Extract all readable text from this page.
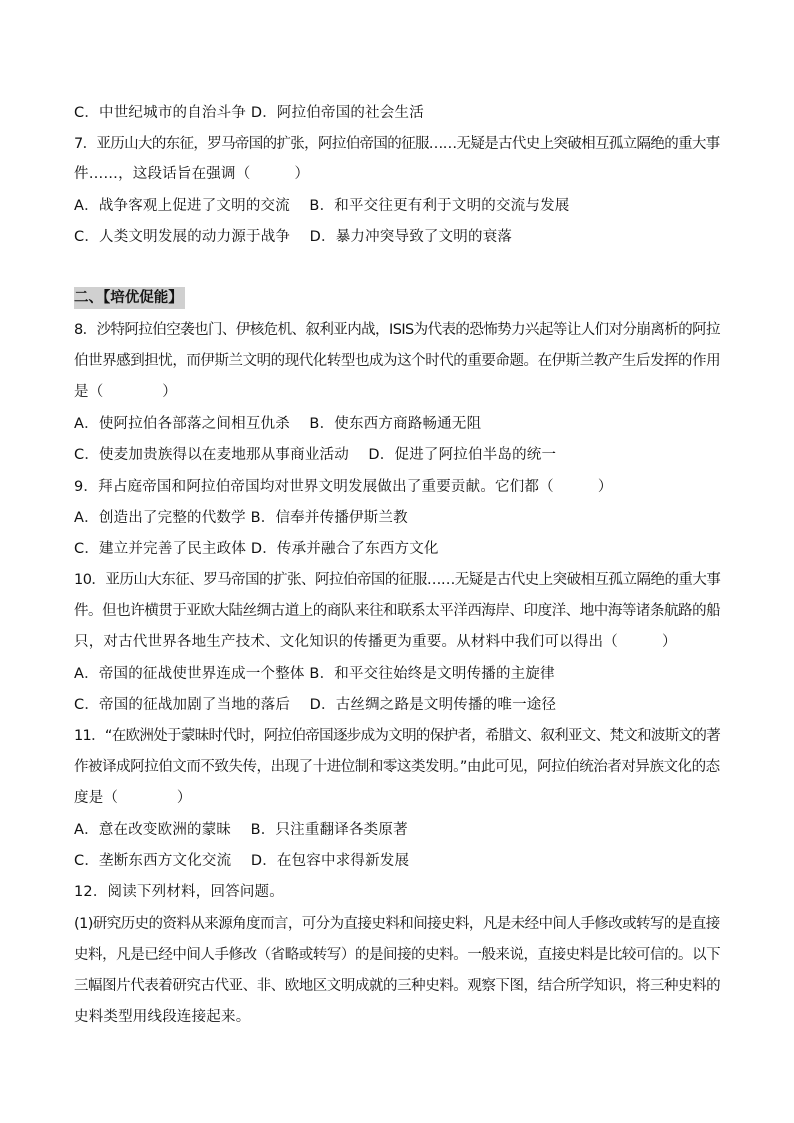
C．中世纪城市的自治斗争 D．阿拉伯帝国的社会生活
7．亚历山大的东征，罗马帝国的扩张，阿拉伯帝国的征服……无疑是古代史上突破相互孤立隔绝的重大事
件……，这段话旨在强调（　　　）
A．战争客观上促进了文明的交流　 B．和平交往更有利于文明的交流与发展
C．人类文明发展的动力源于战争　 D．暴力冲突导致了文明的衰落
二、【培优促能】
8．沙特阿拉伯空袭也门、伊核危机、叙利亚内战，ISIS为代表的恐怖势力兴起等让人们对分崩离析的阿拉
伯世界感到担忧，而伊斯兰文明的现代化转型也成为这个时代的重要命题。在伊斯兰教产生后发挥的作用
是（　　　　）
A．使阿拉伯各部落之间相互仇杀　 B．使东西方商路畅通无阻
C．使麦加贵族得以在麦地那从事商业活动　 D．促进了阿拉伯半岛的统一
9．拜占庭帝国和阿拉伯帝国均对世界文明发展做出了重要贡献。它们都（　　　）
A．创造出了完整的代数学 B．信奉并传播伊斯兰教
C．建立并完善了民主政体 D．传承并融合了东西方文化
10．亚历山大东征、罗马帝国的扩张、阿拉伯帝国的征服……无疑是古代史上突破相互孤立隔绝的重大事
件。但也许横贯于亚欧大陆丝绸古道上的商队来往和联系太平洋西海岸、印度洋、地中海等诸条航路的船
只，对古代世界各地生产技术、文化知识的传播更为重要。从材料中我们可以得出（　　　）
A．帝国的征战使世界连成一个整体 B．和平交往始终是文明传播的主旋律
C．帝国的征战加剧了当地的落后　 D．古丝绸之路是文明传播的唯一途径
11．“在欧洲处于蒙昧时代时，阿拉伯帝国逐步成为文明的保护者，希腊文、叙利亚文、梵文和波斯文的著
作被译成阿拉伯文而不致失传，出现了十进位制和零这类发明。”由此可见，阿拉伯统治者对异族文化的态
度是（　　　　）
A．意在改变欧洲的蒙昧　 B．只注重翻译各类原著
C．垄断东西方文化交流　 D．在包容中求得新发展
12．阅读下列材料，回答问题。
(1)研究历史的资料从来源角度而言，可分为直接史料和间接史料，凡是未经中间人手修改或转写的是直接
史料，凡是已经中间人手修改（省略或转写）的是间接的史料。一般来说，直接史料是比较可信的。以下
三幅图片代表着研究古代亚、非、欧地区文明成就的三种史料。观察下图，结合所学知识，将三种史料的
史料类型用线段连接起来。
